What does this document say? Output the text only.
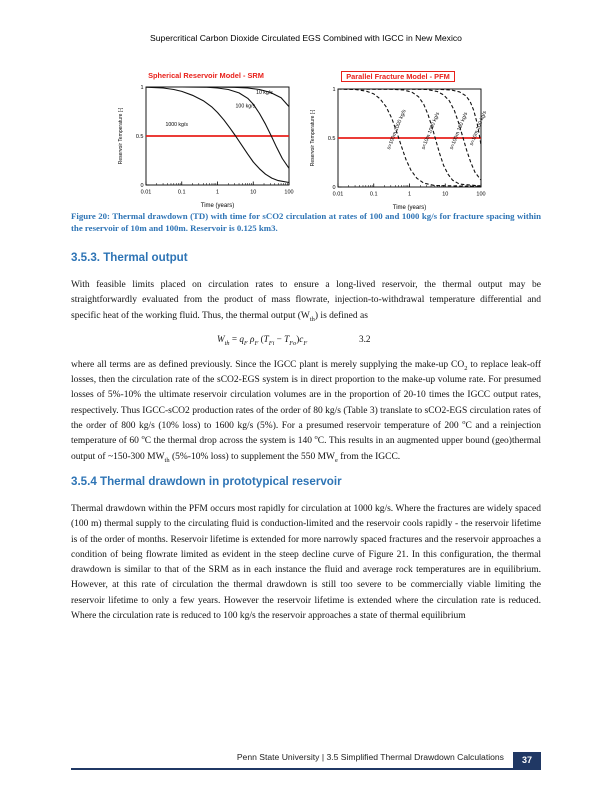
Supercritical Carbon Dioxide Circulated EGS Combined with IGCC in New Mexico
Spherical Reservoir Model - SRM
0.01	0.1	1	10	100
0
0.5
1
10 kg/s
100 kg/s
1000 kg/s
Time (years)
Reservoir Temperature [-]
Parallel Fracture Model - PFM
0.01	0.1	1	10	100
0
0.5
1
s=100m 1000 kg/s	s=10m 1000 kg/s s=100m 100 kg/s s=10m 100 kg/s
Time (years)
Reservoir Temperature [-]

Figure 20: Thermal drawdown (TD) with time for sCO2 circulation at rates of 100 and 1000 kg/s for fracture spacing within the reservoir of 10m and 100m. Reservoir is 0.125 km3.

3.5.3. Thermal output

With feasible limits placed on circulation rates to ensure a long-lived reservoir, the thermal output may be straightforwardly evaluated from the product of mass flowrate, injection-to-withdrawal temperature differential and specific heat of the working fluid. Thus, the thermal output $(W_{th})$ is defined as

$W_{th} = q_F$ $\rho_F$ $(T_{Fi} - T_{Fo})c_F$	3.2

where all terms are as defined previously. Since the IGCC plant is merely supplying the make-up $CO_2$ to replace leak-off losses, then the circulation rate of the sCO2-EGS system is in direct proportion to the make-up volume rate. For presumed losses of 5%-10% the ultimate reservoir circulation volumes are in the proportion of 20-10 times the IGCC output rates, respectively. Thus IGCC-sCO2 production rates of the order of 80 kg/s (Table 3) translate to sCO2-EGS circulation rates of the order of 800 kg/s (10% loss) to 1600 kg/s (5%). For a presumed reservoir temperature of 200 $^o$C and a reinjection temperature of 60 $^o$C the thermal drop across the system is 140 $^o$C. This results in an augmented upper bound (geo)thermal output of ~150-300 $MW_{th}$ (5%-10% loss) to supplement the 550 $MW_e$ from the IGCC.

3.5.4 Thermal drawdown in prototypical reservoir

Thermal drawdown within the PFM occurs most rapidly for circulation at 1000 kg/s. Where the fractures are widely spaced (100 m) thermal supply to the circulating fluid is conduction-limited and the reservoir cools rapidly - the reservoir lifetime is of the order of months. Reservoir lifetime is extended for more narrowly spaced fractures and the reservoir approaches a condition of being flowrate limited as evident in the steep decline curve of Figure 21. In this configuration, the thermal drawdown is similar to that of the SRM as in each instance the fluid and average rock temperatures are in equilibrium. However, at this rate of circulation the thermal drawdown is still too severe to be commercially viable limiting the reservoir lifetime to only a few years. However the reservoir lifetime is extended where the circulation rate is reduced. Where the circulation rate is reduced to 100 kg/s the reservoir approaches a state of thermal equilibrium

Penn State University | 3.5 Simplified Thermal Drawdown Calculations	37
